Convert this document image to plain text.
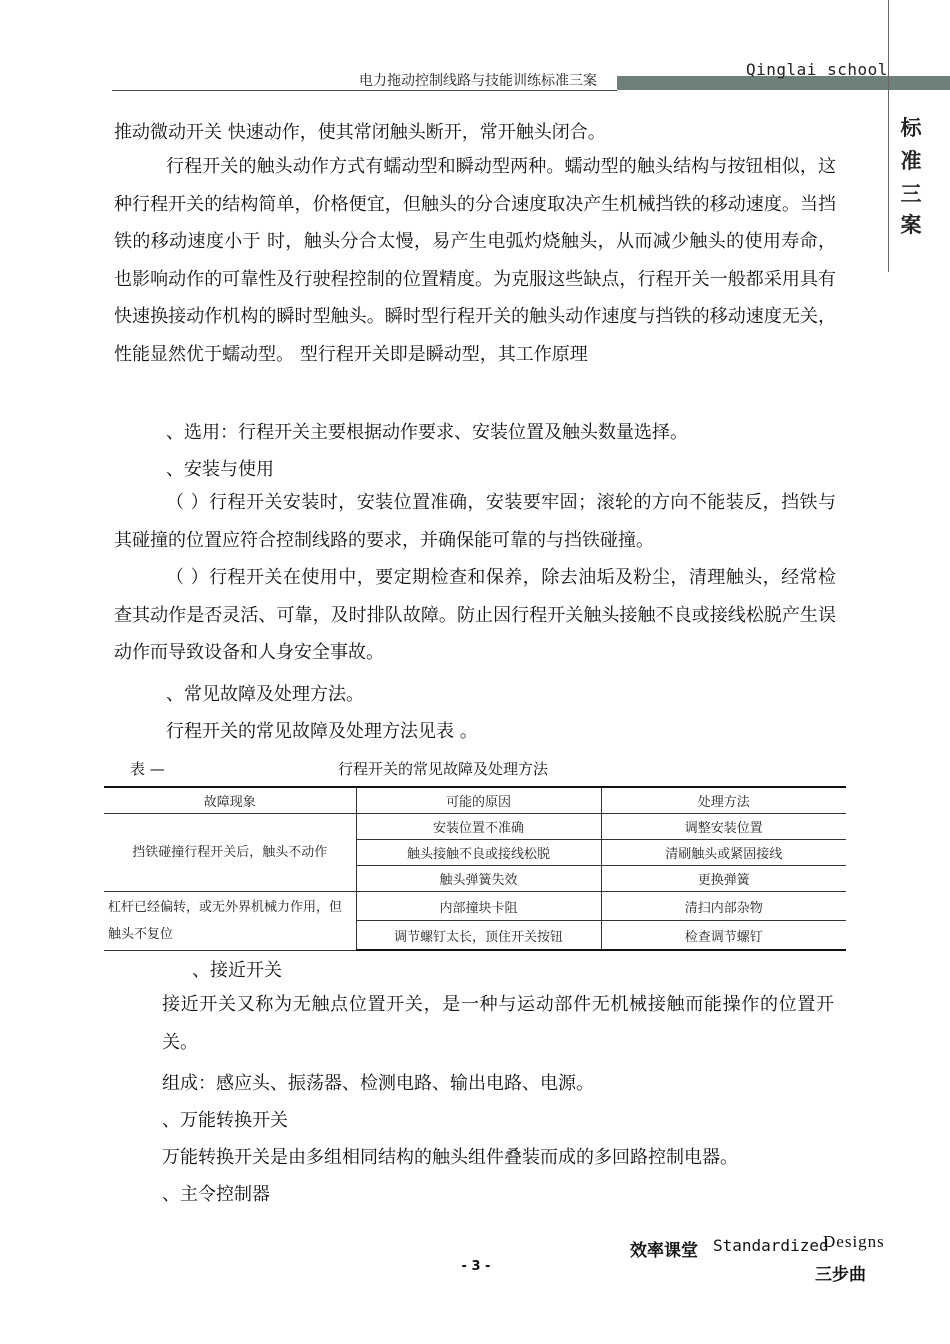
电力拖动控制线路与技能训练标准三案
Qinglai school
标
准
三
案
推动微动开关 快速动作，使其常闭触头断开，常开触头闭合。
行程开关的触头动作方式有蠕动型和瞬动型两种。蠕动型的触头结构与按钮相似，这种行程开关的结构简单，价格便宜，但触头的分合速度取决产生机械挡铁的移动速度。当挡铁的移动速度小于 时，触头分合太慢，易产生电弧灼烧触头，从而减少触头的使用寿命，也影响动作的可靠性及行驶程控制的位置精度。为克服这些缺点，行程开关一般都采用具有快速换接动作机构的瞬时型触头。瞬时型行程开关的触头动作速度与挡铁的移动速度无关，性能显然优于蠕动型。 型行程开关即是瞬动型，其工作原理
、选用：行程开关主要根据动作要求、安装位置及触头数量选择。
、安装与使用
（ ）行程开关安装时，安装位置准确，安装要牢固；滚轮的方向不能装反，挡铁与其碰撞的位置应符合控制线路的要求，并确保能可靠的与挡铁碰撞。
（ ）行程开关在使用中，要定期检查和保养，除去油垢及粉尘，清理触头，经常检查其动作是否灵活、可靠，及时排队故障。防止因行程开关触头接触不良或接线松脱产生误动作而导致设备和人身安全事故。
、常见故障及处理方法。
行程开关的常见故障及处理方法见表 。
表 —	行程开关的常见故障及处理方法
故障现象	可能的原因	处理方法
挡铁碰撞行程开关后，触头不动作	安装位置不准确	调整安装位置
	触头接触不良或接线松脱	清刷触头或紧固接线
	触头弹簧失效	更换弹簧
杠杆已经偏转，或无外界机械力作用，但触头不复位	内部撞块卡阻	清扫内部杂物
	调节螺钉太长，顶住开关按钮	检查调节螺钉
、接近开关
接近开关又称为无触点位置开关，是一种与运动部件无机械接触而能操作的位置开关。
组成：感应头、振荡器、检测电路、输出电路、电源。
、万能转换开关
万能转换开关是由多组相同结构的触头组件叠装而成的多回路控制电器。
、主令控制器
效率课堂 Standardized
Designs
三步曲
- 3 -
